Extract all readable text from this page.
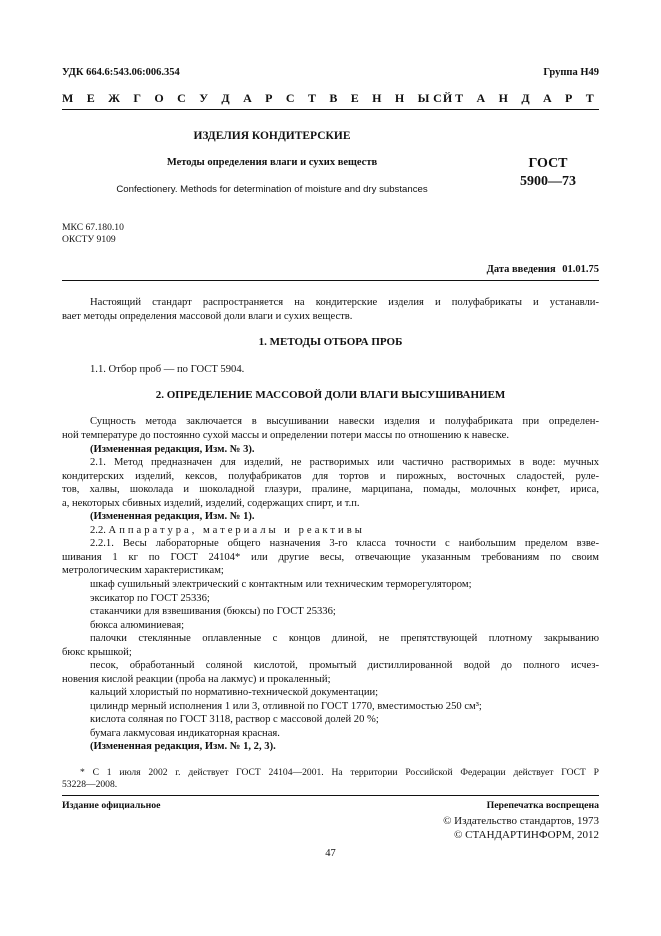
УДК 664.6:543.06:006.354	Группа Н49
М Е Ж Г О С У Д А Р С Т В Е Н Н Ы Й
С Т А Н Д А Р Т
ИЗДЕЛИЯ КОНДИТЕРСКИЕ
Методы определения влаги и сухих веществ
Confectionery. Methods for determination of moisture and dry substances
ГОСТ
5900—73
МКС 67.180.10
ОКСТУ 9109
Дата введения 01.01.75
Настоящий стандарт распространяется на кондитерские изделия и полуфабрикаты и устанавли-
вает методы определения массовой доли влаги и сухих веществ.
1. МЕТОДЫ ОТБОРА ПРОБ
1.1. Отбор проб — по ГОСТ 5904.
2. ОПРЕДЕЛЕНИЕ МАССОВОЙ ДОЛИ ВЛАГИ ВЫСУШИВАНИЕМ
Сущность метода заключается в высушивании навески изделия и полуфабриката при определен-
ной температуре до постоянно сухой массы и определении потери массы по отношению к навеске.
(Измененная редакция, Изм. № 3).
2.1. Метод предназначен для изделий, не растворимых или частично растворимых в воде: мучных
кондитерских изделий, кексов, полуфабрикатов для тортов и пирожных, восточных сладостей, руле-
тов, халвы, шоколада и шоколадной глазури, пралине, марципана, помады, молочных конфет, ириса,
а, некоторых сбивных изделий, изделий, содержащих спирт, и т.п.
(Измененная редакция, Изм. № 1).
2.2. Аппаратура, материалы и реактивы
2.2.1. Весы лабораторные общего назначения 3-го класса точности с наибольшим пределом взве-
шивания 1 кг по ГОСТ 24104* или другие весы, отвечающие указанным требованиям по своим
метрологическим характеристикам;
шкаф сушильный электрический с контактным или техническим терморегулятором;
эксикатор по ГОСТ 25336;
стаканчики для взвешивания (бюксы) по ГОСТ 25336;
бюкса алюминиевая;
палочки стеклянные оплавленные с концов длиной, не препятствующей плотному закрыванию
бюкс крышкой;
песок, обработанный соляной кислотой, промытый дистиллированной водой до полного исчез-
новения кислой реакции (проба на лакмус) и прокаленный;
кальций хлористый по нормативно-технической документации;
цилиндр мерный исполнения 1 или 3, отливной по ГОСТ 1770, вместимостью 250 см³;
кислота соляная по ГОСТ 3118, раствор с массовой долей 20 %;
бумага лакмусовая индикаторная красная.
(Измененная редакция, Изм. № 1, 2, 3).
* С 1 июля 2002 г. действует ГОСТ 24104—2001. На территории Российской Федерации действует ГОСТ Р
53228—2008.
Издание официальное	Перепечатка воспрещена
© Издательство стандартов, 1973
© СТАНДАРТИНФОРМ, 2012
47
